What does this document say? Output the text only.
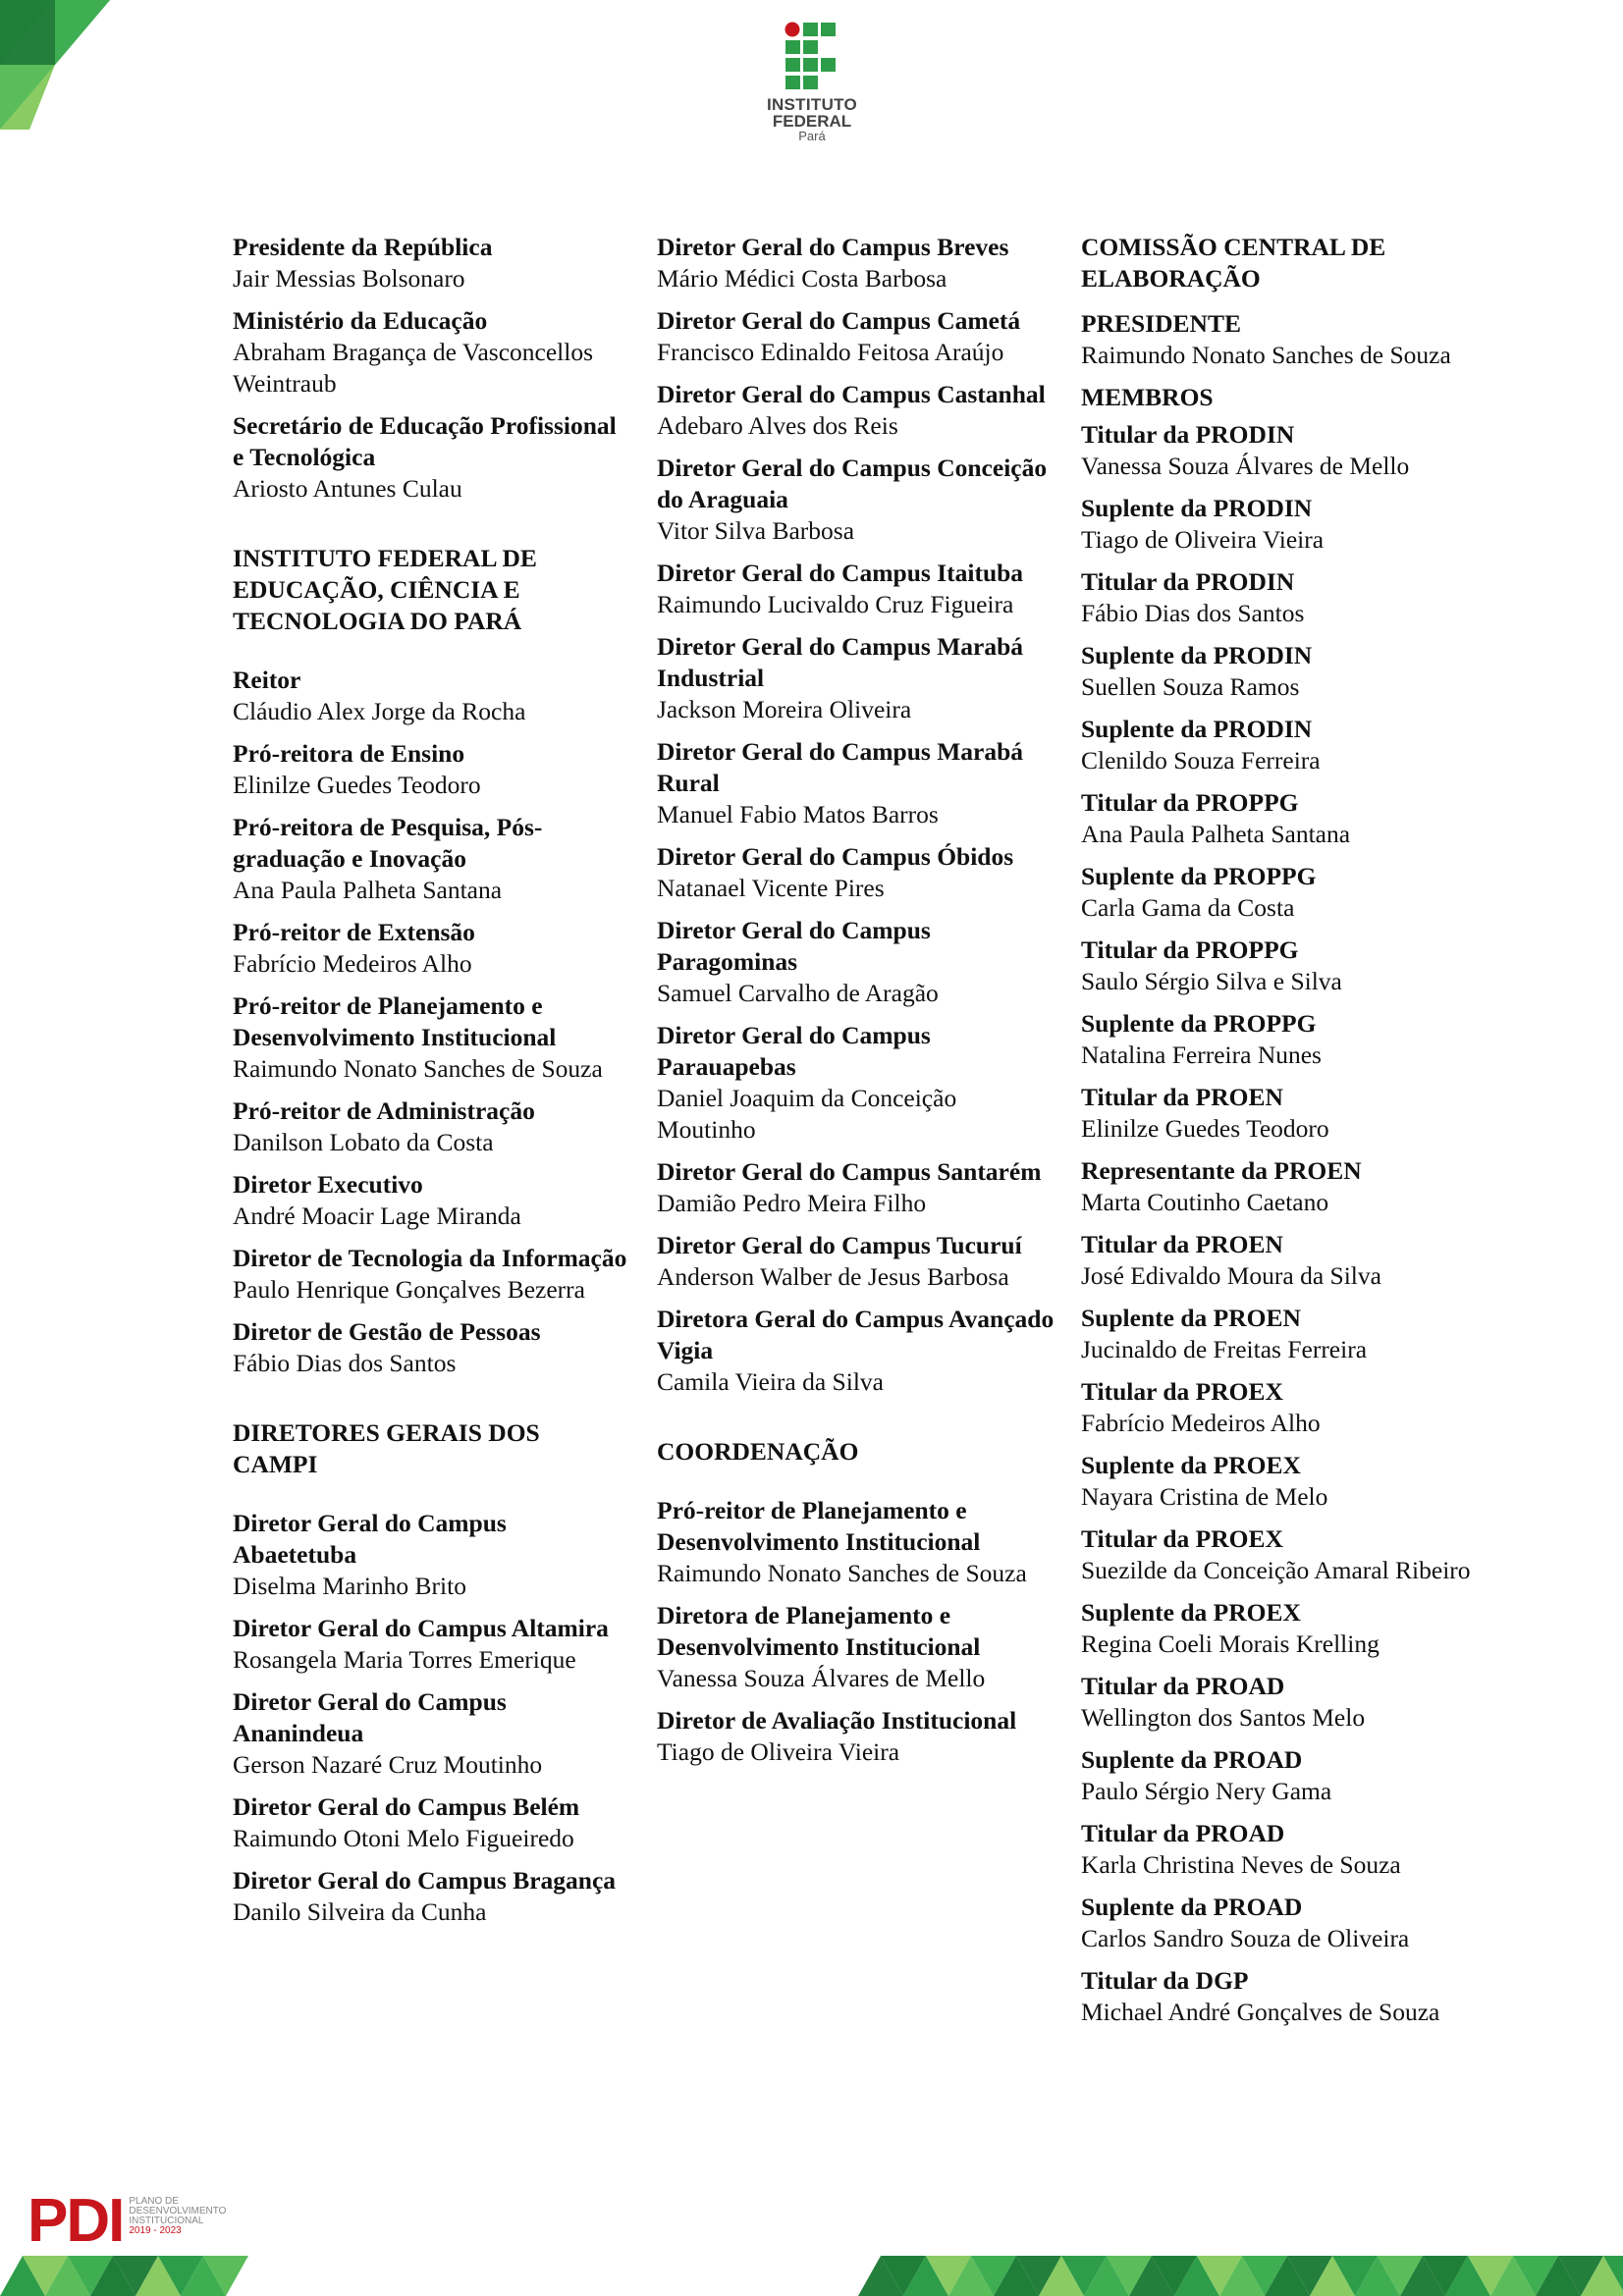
INSTITUTO
FEDERAL
Pará
Presidente da República
Jair Messias Bolsonaro
Ministério da Educação
Abraham Bragança de Vasconcellos Weintraub
Secretário de Educação Profissional e Tecnológica
Ariosto Antunes Culau
INSTITUTO FEDERAL DE EDUCAÇÃO, CIÊNCIA E TECNOLOGIA DO PARÁ
Reitor
Cláudio Alex Jorge da Rocha
Pró-reitora de Ensino
Elinilze Guedes Teodoro
Pró-reitora de Pesquisa, Pós-graduação e Inovação
Ana Paula Palheta Santana
Pró-reitor de Extensão
Fabrício Medeiros Alho
Pró-reitor de Planejamento e Desenvolvimento Institucional
Raimundo Nonato Sanches de Souza
Pró-reitor de Administração
Danilson Lobato da Costa
Diretor Executivo
André Moacir Lage Miranda
Diretor de Tecnologia da Informação
Paulo Henrique Gonçalves Bezerra
Diretor de Gestão de Pessoas
Fábio Dias dos Santos
DIRETORES GERAIS DOS CAMPI
Diretor Geral do Campus Abaetetuba
Diselma Marinho Brito
Diretor Geral do Campus Altamira
Rosangela Maria Torres Emerique
Diretor Geral do Campus Ananindeua
Gerson Nazaré Cruz Moutinho
Diretor Geral do Campus Belém
Raimundo Otoni Melo Figueiredo
Diretor Geral do Campus Bragança
Danilo Silveira da Cunha
Diretor Geral do Campus Breves
Mário Médici Costa Barbosa
Diretor Geral do Campus Cametá
Francisco Edinaldo Feitosa Araújo
Diretor Geral do Campus Castanhal
Adebaro Alves dos Reis
Diretor Geral do Campus Conceição do Araguaia
Vitor Silva Barbosa
Diretor Geral do Campus Itaituba
Raimundo Lucivaldo Cruz Figueira
Diretor Geral do Campus Marabá Industrial
Jackson Moreira Oliveira
Diretor Geral do Campus Marabá Rural
Manuel Fabio Matos Barros
Diretor Geral do Campus Óbidos
Natanael Vicente Pires
Diretor Geral do Campus Paragominas
Samuel Carvalho de Aragão
Diretor Geral do Campus Parauapebas
Daniel Joaquim da Conceição Moutinho
Diretor Geral do Campus Santarém
Damião Pedro Meira Filho
Diretor Geral do Campus Tucuruí
Anderson Walber de Jesus Barbosa
Diretora Geral do Campus Avançado Vigia
Camila Vieira da Silva
COORDENAÇÃO
Pró-reitor de Planejamento e Desenvolvimento Institucional
Raimundo Nonato Sanches de Souza
Diretora de Planejamento e Desenvolvimento Institucional
Vanessa Souza Álvares de Mello
Diretor de Avaliação Institucional
Tiago de Oliveira Vieira
COMISSÃO CENTRAL DE ELABORAÇÃO
PRESIDENTE
Raimundo Nonato Sanches de Souza
MEMBROS
Titular da PRODIN
Vanessa Souza Álvares de Mello
Suplente da PRODIN
Tiago de Oliveira Vieira
Titular da PRODIN
Fábio Dias dos Santos
Suplente da PRODIN
Suellen Souza Ramos
Suplente da PRODIN
Clenildo Souza Ferreira
Titular da PROPPG
Ana Paula Palheta Santana
Suplente da PROPPG
Carla Gama da Costa
Titular da PROPPG
Saulo Sérgio Silva e Silva
Suplente da PROPPG
Natalina Ferreira Nunes
Titular da PROEN
Elinilze Guedes Teodoro
Representante da PROEN
Marta Coutinho Caetano
Titular da PROEN
José Edivaldo Moura da Silva
Suplente da PROEN
Jucinaldo de Freitas Ferreira
Titular da PROEX
Fabrício Medeiros Alho
Suplente da PROEX
Nayara Cristina de Melo
Titular da PROEX
Suezilde da Conceição Amaral Ribeiro
Suplente da PROEX
Regina Coeli Morais Krelling
Titular da PROAD
Wellington dos Santos Melo
Suplente da PROAD
Paulo Sérgio Nery Gama
Titular da PROAD
Karla Christina Neves de Souza
Suplente da PROAD
Carlos Sandro Souza de Oliveira
Titular da DGP
Michael André Gonçalves de Souza
PDI PLANO DE
DESENVOLVIMENTO
INSTITUCIONAL
2019 - 2023
